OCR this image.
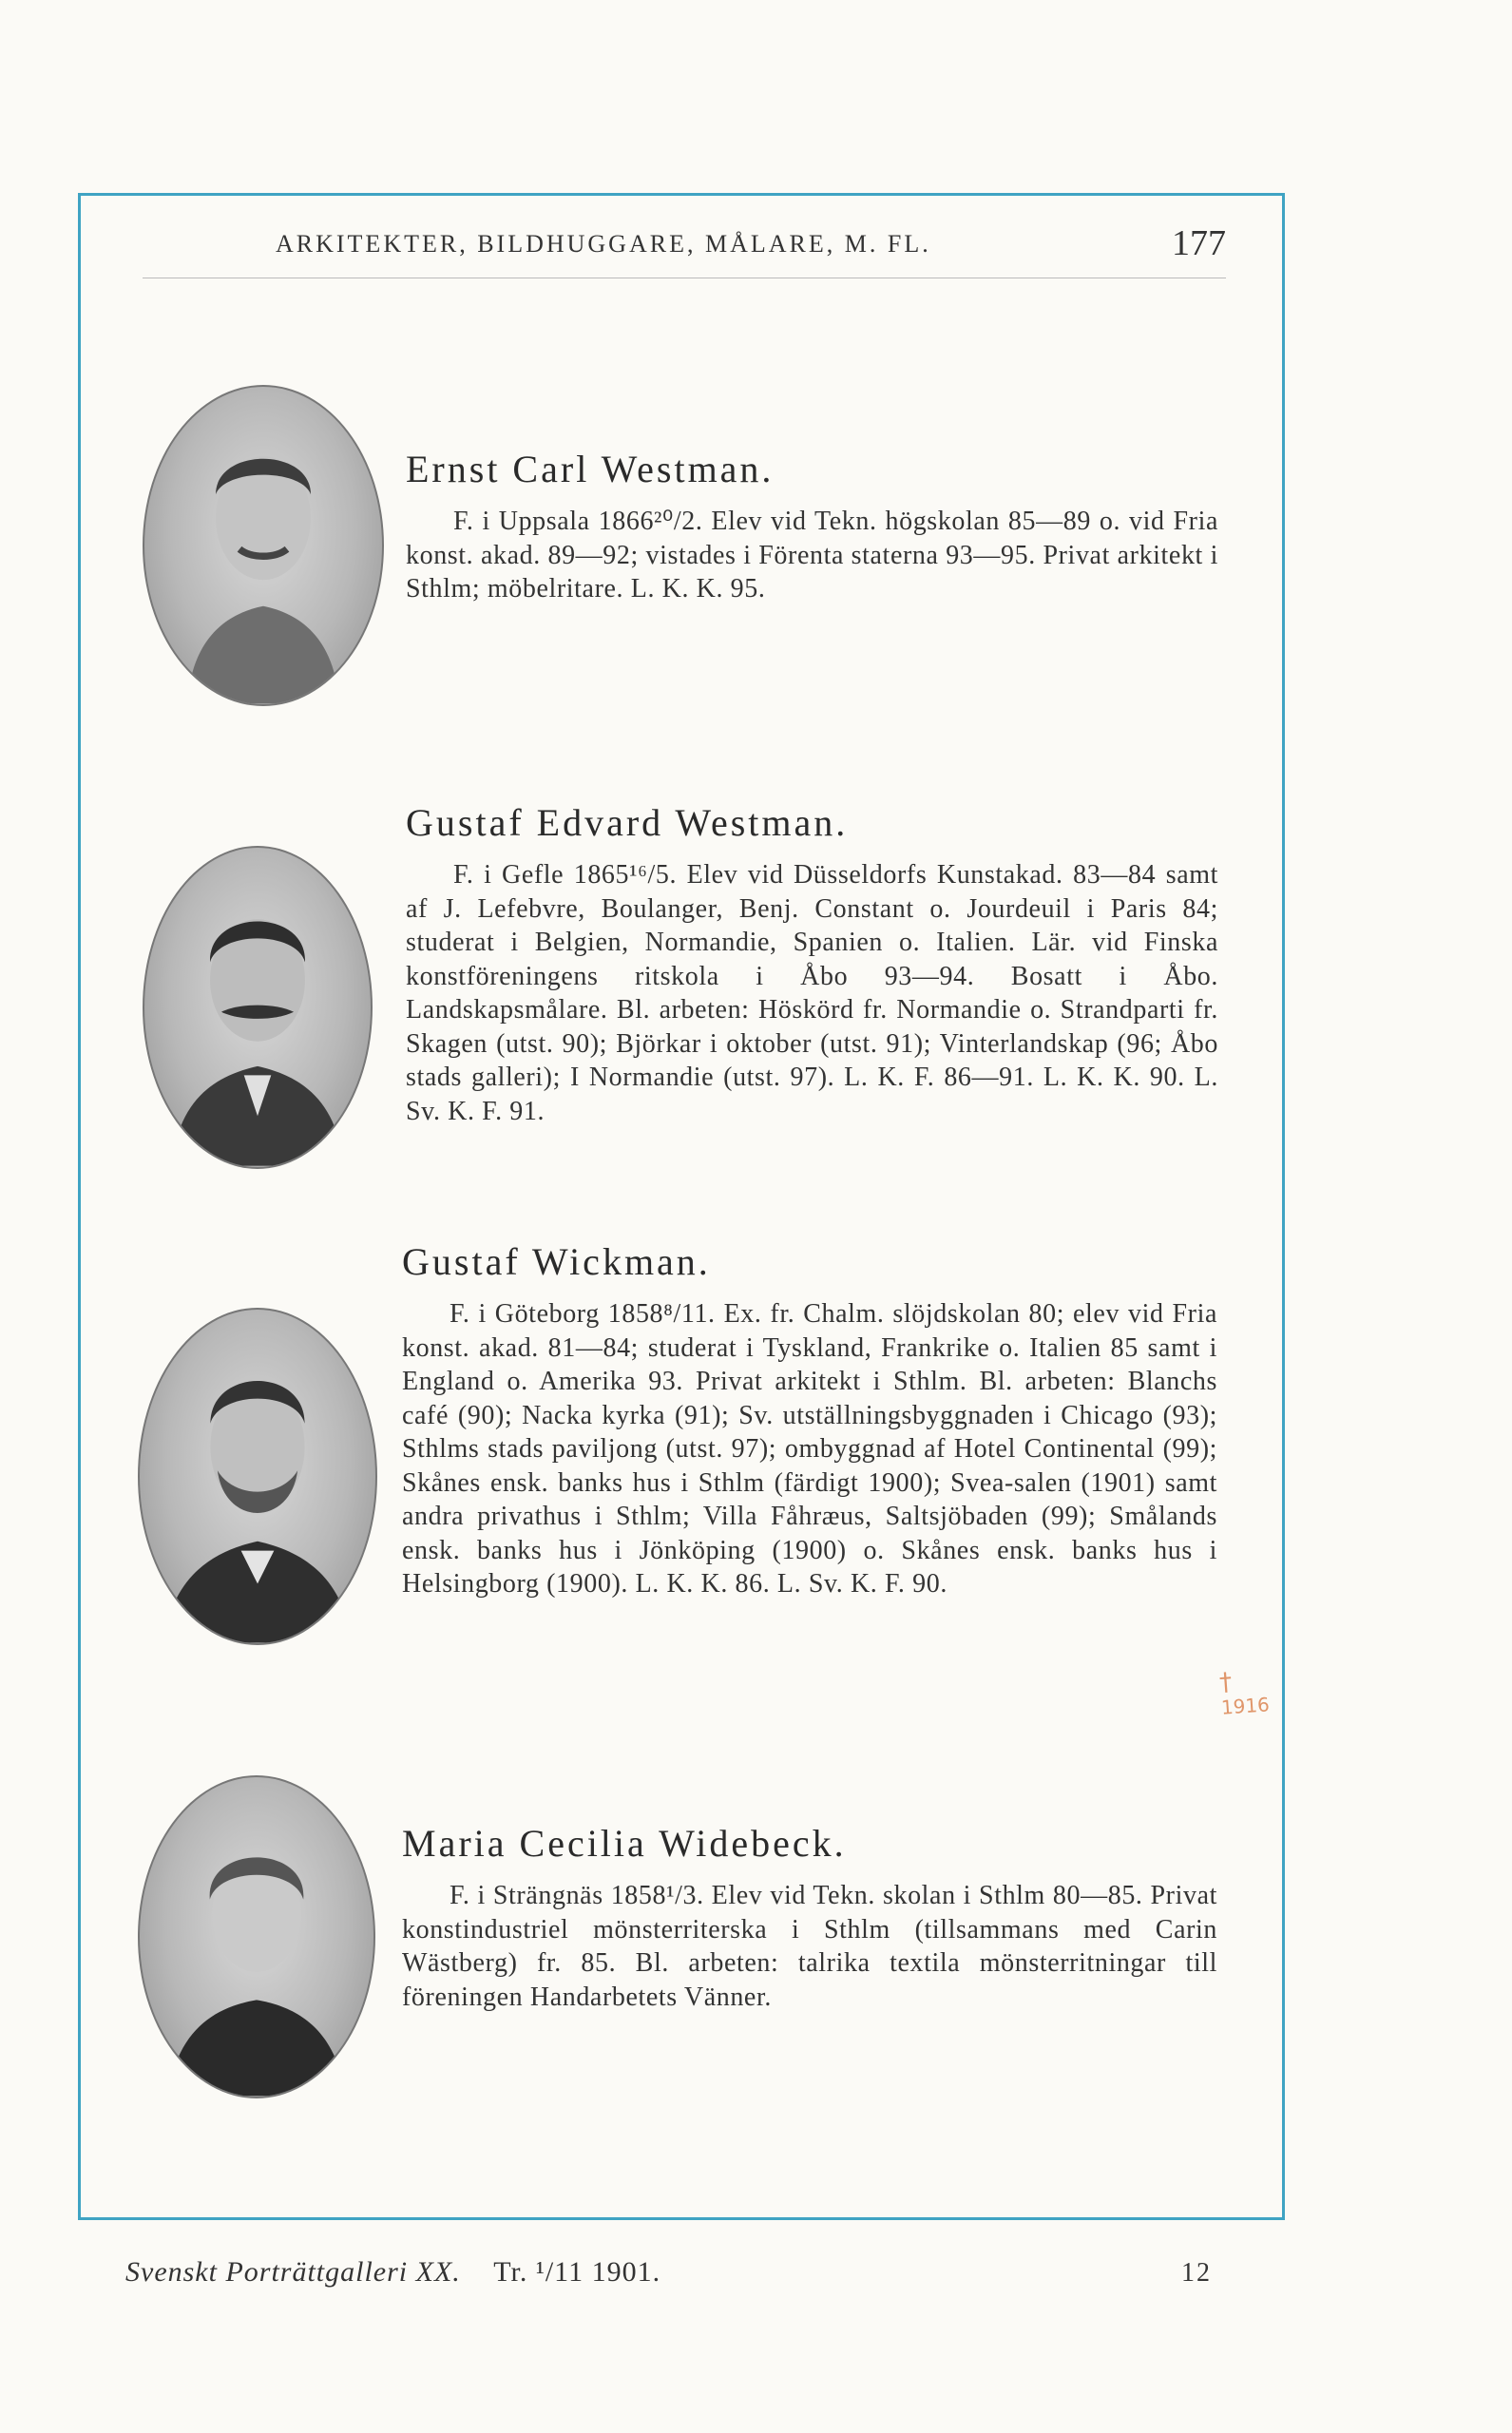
ARKITEKTER, BILDHUGGARE, MÅLARE, M. FL.	177
Ernst Carl Westman.

F. i Uppsala 1866²⁰/2. Elev vid Tekn. högskolan 85—89 o. vid Fria konst. akad. 89—92; vistades i Förenta staterna 93—95. Privat arkitekt i Sthlm; möbelritare. L. K. K. 95.

Gustaf Edvard Westman.

F. i Gefle 1865¹⁶/5. Elev vid Düsseldorfs Kunstakad. 83—84 samt af J. Lefebvre, Boulanger, Benj. Constant o. Jourdeuil i Paris 84; studerat i Belgien, Normandie, Spanien o. Italien. Lär. vid Finska konstföreningens ritskola i Åbo 93—94. Bosatt i Åbo. Landskapsmålare. Bl. arbeten: Höskörd fr. Normandie o. Strandparti fr. Skagen (utst. 90); Björkar i oktober (utst. 91); Vinterlandskap (96; Åbo stads galleri); I Normandie (utst. 97). L. K. F. 86—91. L. K. K. 90. L. Sv. K. F. 91.

Gustaf Wickman.

F. i Göteborg 1858⁸/11. Ex. fr. Chalm. slöjdskolan 80; elev vid Fria konst. akad. 81—84; studerat i Tyskland, Frankrike o. Italien 85 samt i England o. Amerika 93. Privat arkitekt i Sthlm. Bl. arbeten: Blanchs café (90); Nacka kyrka (91); Sv. utställningsbyggnaden i Chicago (93); Sthlms stads paviljong (utst. 97); ombyggnad af Hotel Continental (99); Skånes ensk. banks hus i Sthlm (färdigt 1900); Svea-salen (1901) samt andra privathus i Sthlm; Villa Fåhræus, Saltsjöbaden (99); Smålands ensk. banks hus i Jönköping (1900) o. Skånes ensk. banks hus i Helsingborg (1900). L. K. K. 86. L. Sv. K. F. 90.

†
1916
Maria Cecilia Widebeck.

F. i Strängnäs 1858¹/3. Elev vid Tekn. skolan i Sthlm 80—85. Privat konstindustriel mönsterriterska i Sthlm (tillsammans med Carin Wästberg) fr. 85. Bl. arbeten: talrika textila mönsterritningar till föreningen Handarbetets Vänner.

Svenskt Porträttgalleri XX. Tr. ¹/11 1901.	12
